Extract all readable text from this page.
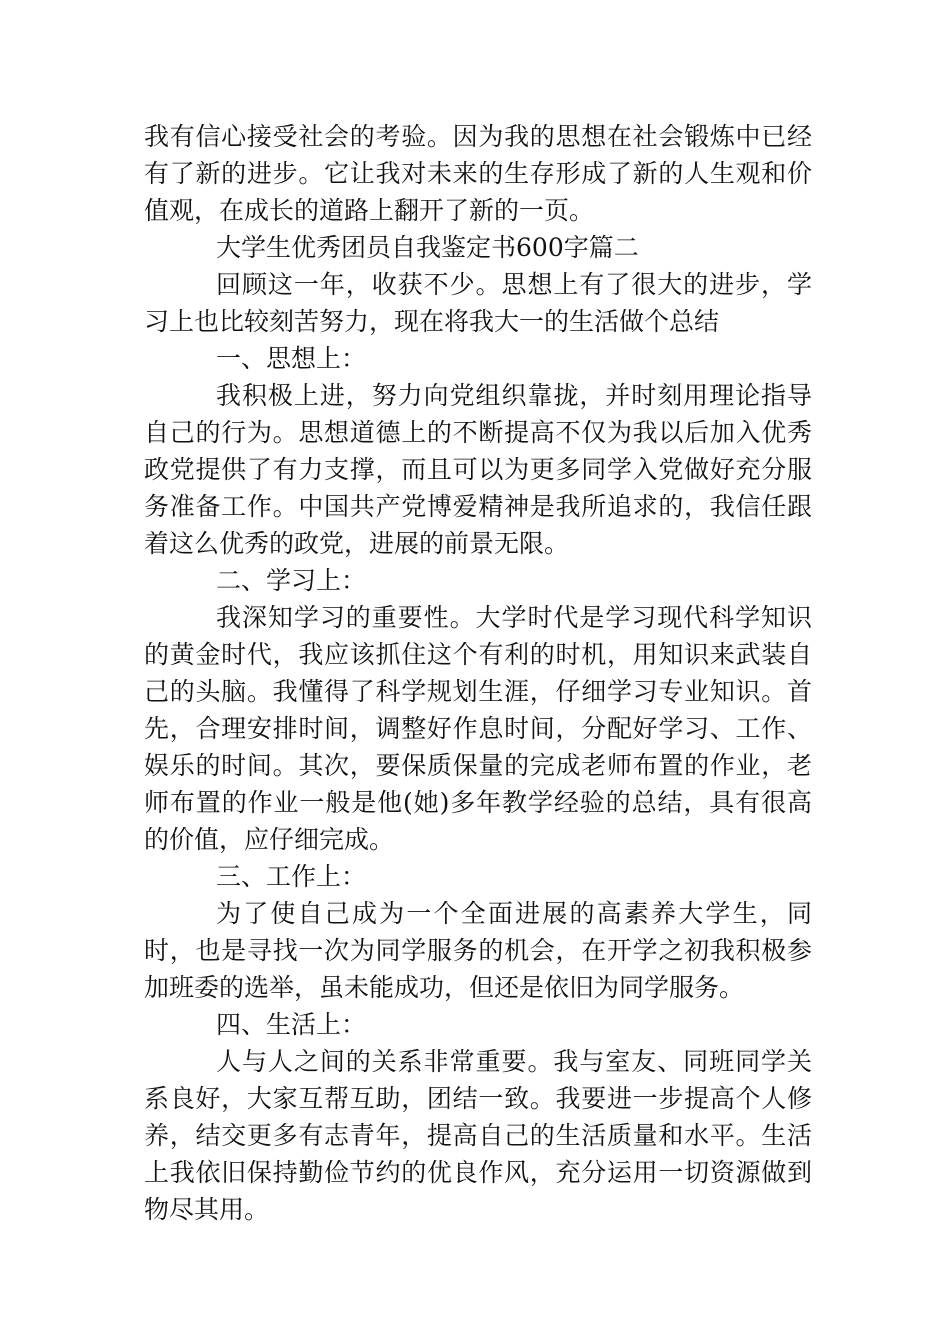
我有信心接受社会的考验。因为我的思想在社会锻炼中已经有了新的进步。它让我对未来的生存形成了新的人生观和价值观，在成长的道路上翻开了新的一页。

大学生优秀团员自我鉴定书600字篇二

回顾这一年，收获不少。思想上有了很大的进步，学习上也比较刻苦努力，现在将我大一的生活做个总结

一、思想上：

我积极上进，努力向党组织靠拢，并时刻用理论指导自己的行为。思想道德上的不断提高不仅为我以后加入优秀政党提供了有力支撑，而且可以为更多同学入党做好充分服务准备工作。中国共产党博爱精神是我所追求的，我信任跟着这么优秀的政党，进展的前景无限。

二、学习上：

我深知学习的重要性。大学时代是学习现代科学知识的黄金时代，我应该抓住这个有利的时机，用知识来武装自己的头脑。我懂得了科学规划生涯，仔细学习专业知识。首先，合理安排时间，调整好作息时间，分配好学习、工作、娱乐的时间。其次，要保质保量的完成老师布置的作业，老师布置的作业一般是他(她)多年教学经验的总结，具有很高的价值，应仔细完成。

三、工作上：

为了使自己成为一个全面进展的高素养大学生，同时，也是寻找一次为同学服务的机会，在开学之初我积极参加班委的选举，虽未能成功，但还是依旧为同学服务。

四、生活上：

人与人之间的关系非常重要。我与室友、同班同学关系良好，大家互帮互助，团结一致。我要进一步提高个人修养，结交更多有志青年，提高自己的生活质量和水平。生活上我依旧保持勤俭节约的优良作风，充分运用一切资源做到物尽其用。
